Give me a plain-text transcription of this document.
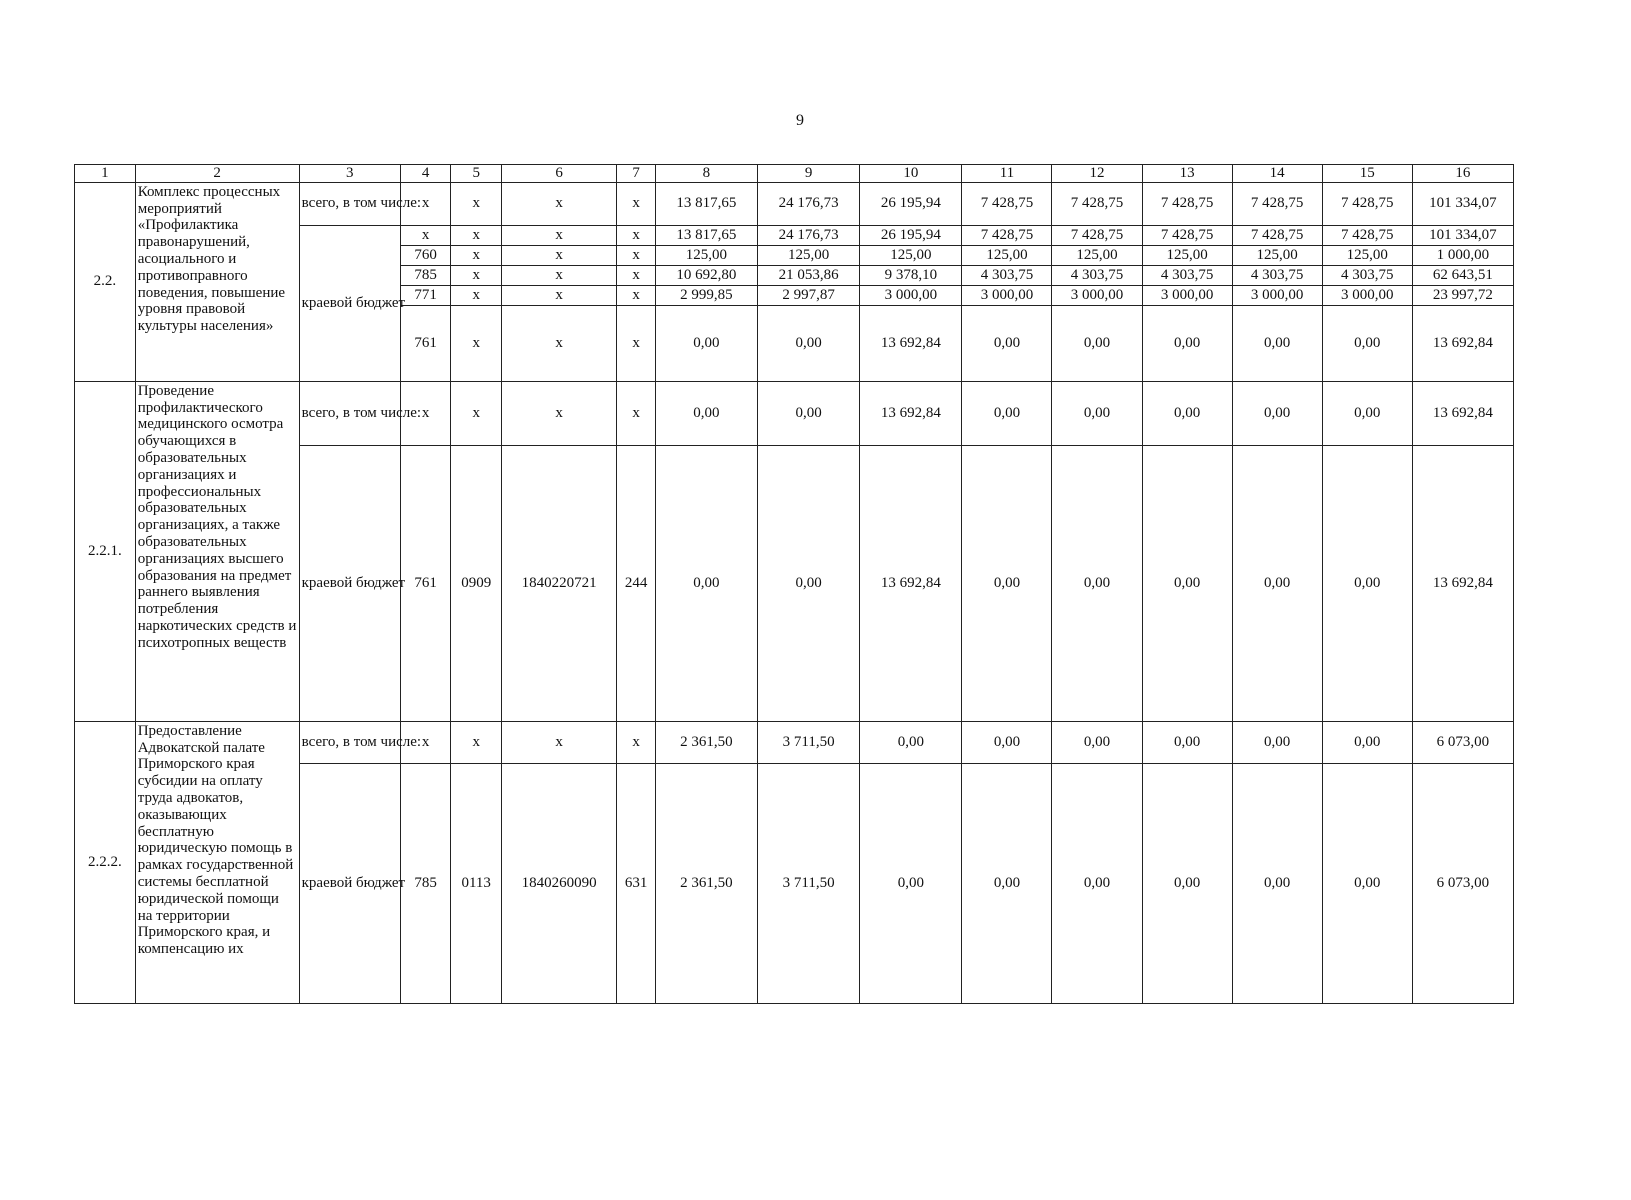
9
1	2	3	4	5	6	7	8	9	10	11	12	13	14	15	16
2.2.	Комплекс процессных мероприятий «Профилактика правонарушений, асоциального и противоправного поведения, повышение уровня правовой культуры населения»	всего, в том числе:	x	x	x	x	13 817,65	24 176,73	26 195,94	7 428,75	7 428,75	7 428,75	7 428,75	7 428,75	101 334,07
		краевой бюджет	x	x	x	x	13 817,65	24 176,73	26 195,94	7 428,75	7 428,75	7 428,75	7 428,75	7 428,75	101 334,07
			760	x	x	x	125,00	125,00	125,00	125,00	125,00	125,00	125,00	125,00	1 000,00
			785	x	x	x	10 692,80	21 053,86	9 378,10	4 303,75	4 303,75	4 303,75	4 303,75	4 303,75	62 643,51
			771	x	x	x	2 999,85	2 997,87	3 000,00	3 000,00	3 000,00	3 000,00	3 000,00	3 000,00	23 997,72
			761	x	x	x	0,00	0,00	13 692,84	0,00	0,00	0,00	0,00	0,00	13 692,84
2.2.1.	Проведение профилактического медицинского осмотра обучающихся в образовательных организациях и профессиональных образовательных организациях, а также образовательных организациях высшего образования на предмет раннего выявления потребления наркотических средств и психотропных веществ	всего, в том числе:	x	x	x	x	0,00	0,00	13 692,84	0,00	0,00	0,00	0,00	0,00	13 692,84
		краевой бюджет	761	0909	1840220721	244	0,00	0,00	13 692,84	0,00	0,00	0,00	0,00	0,00	13 692,84
2.2.2.	Предоставление Адвокатской палате Приморского края субсидии на оплату труда адвокатов, оказывающих бесплатную юридическую помощь в рамках государственной системы бесплатной юридической помощи на территории Приморского края, и компенсацию их	всего, в том числе:	x	x	x	x	2 361,50	3 711,50	0,00	0,00	0,00	0,00	0,00	0,00	6 073,00
		краевой бюджет	785	0113	1840260090	631	2 361,50	3 711,50	0,00	0,00	0,00	0,00	0,00	0,00	6 073,00
